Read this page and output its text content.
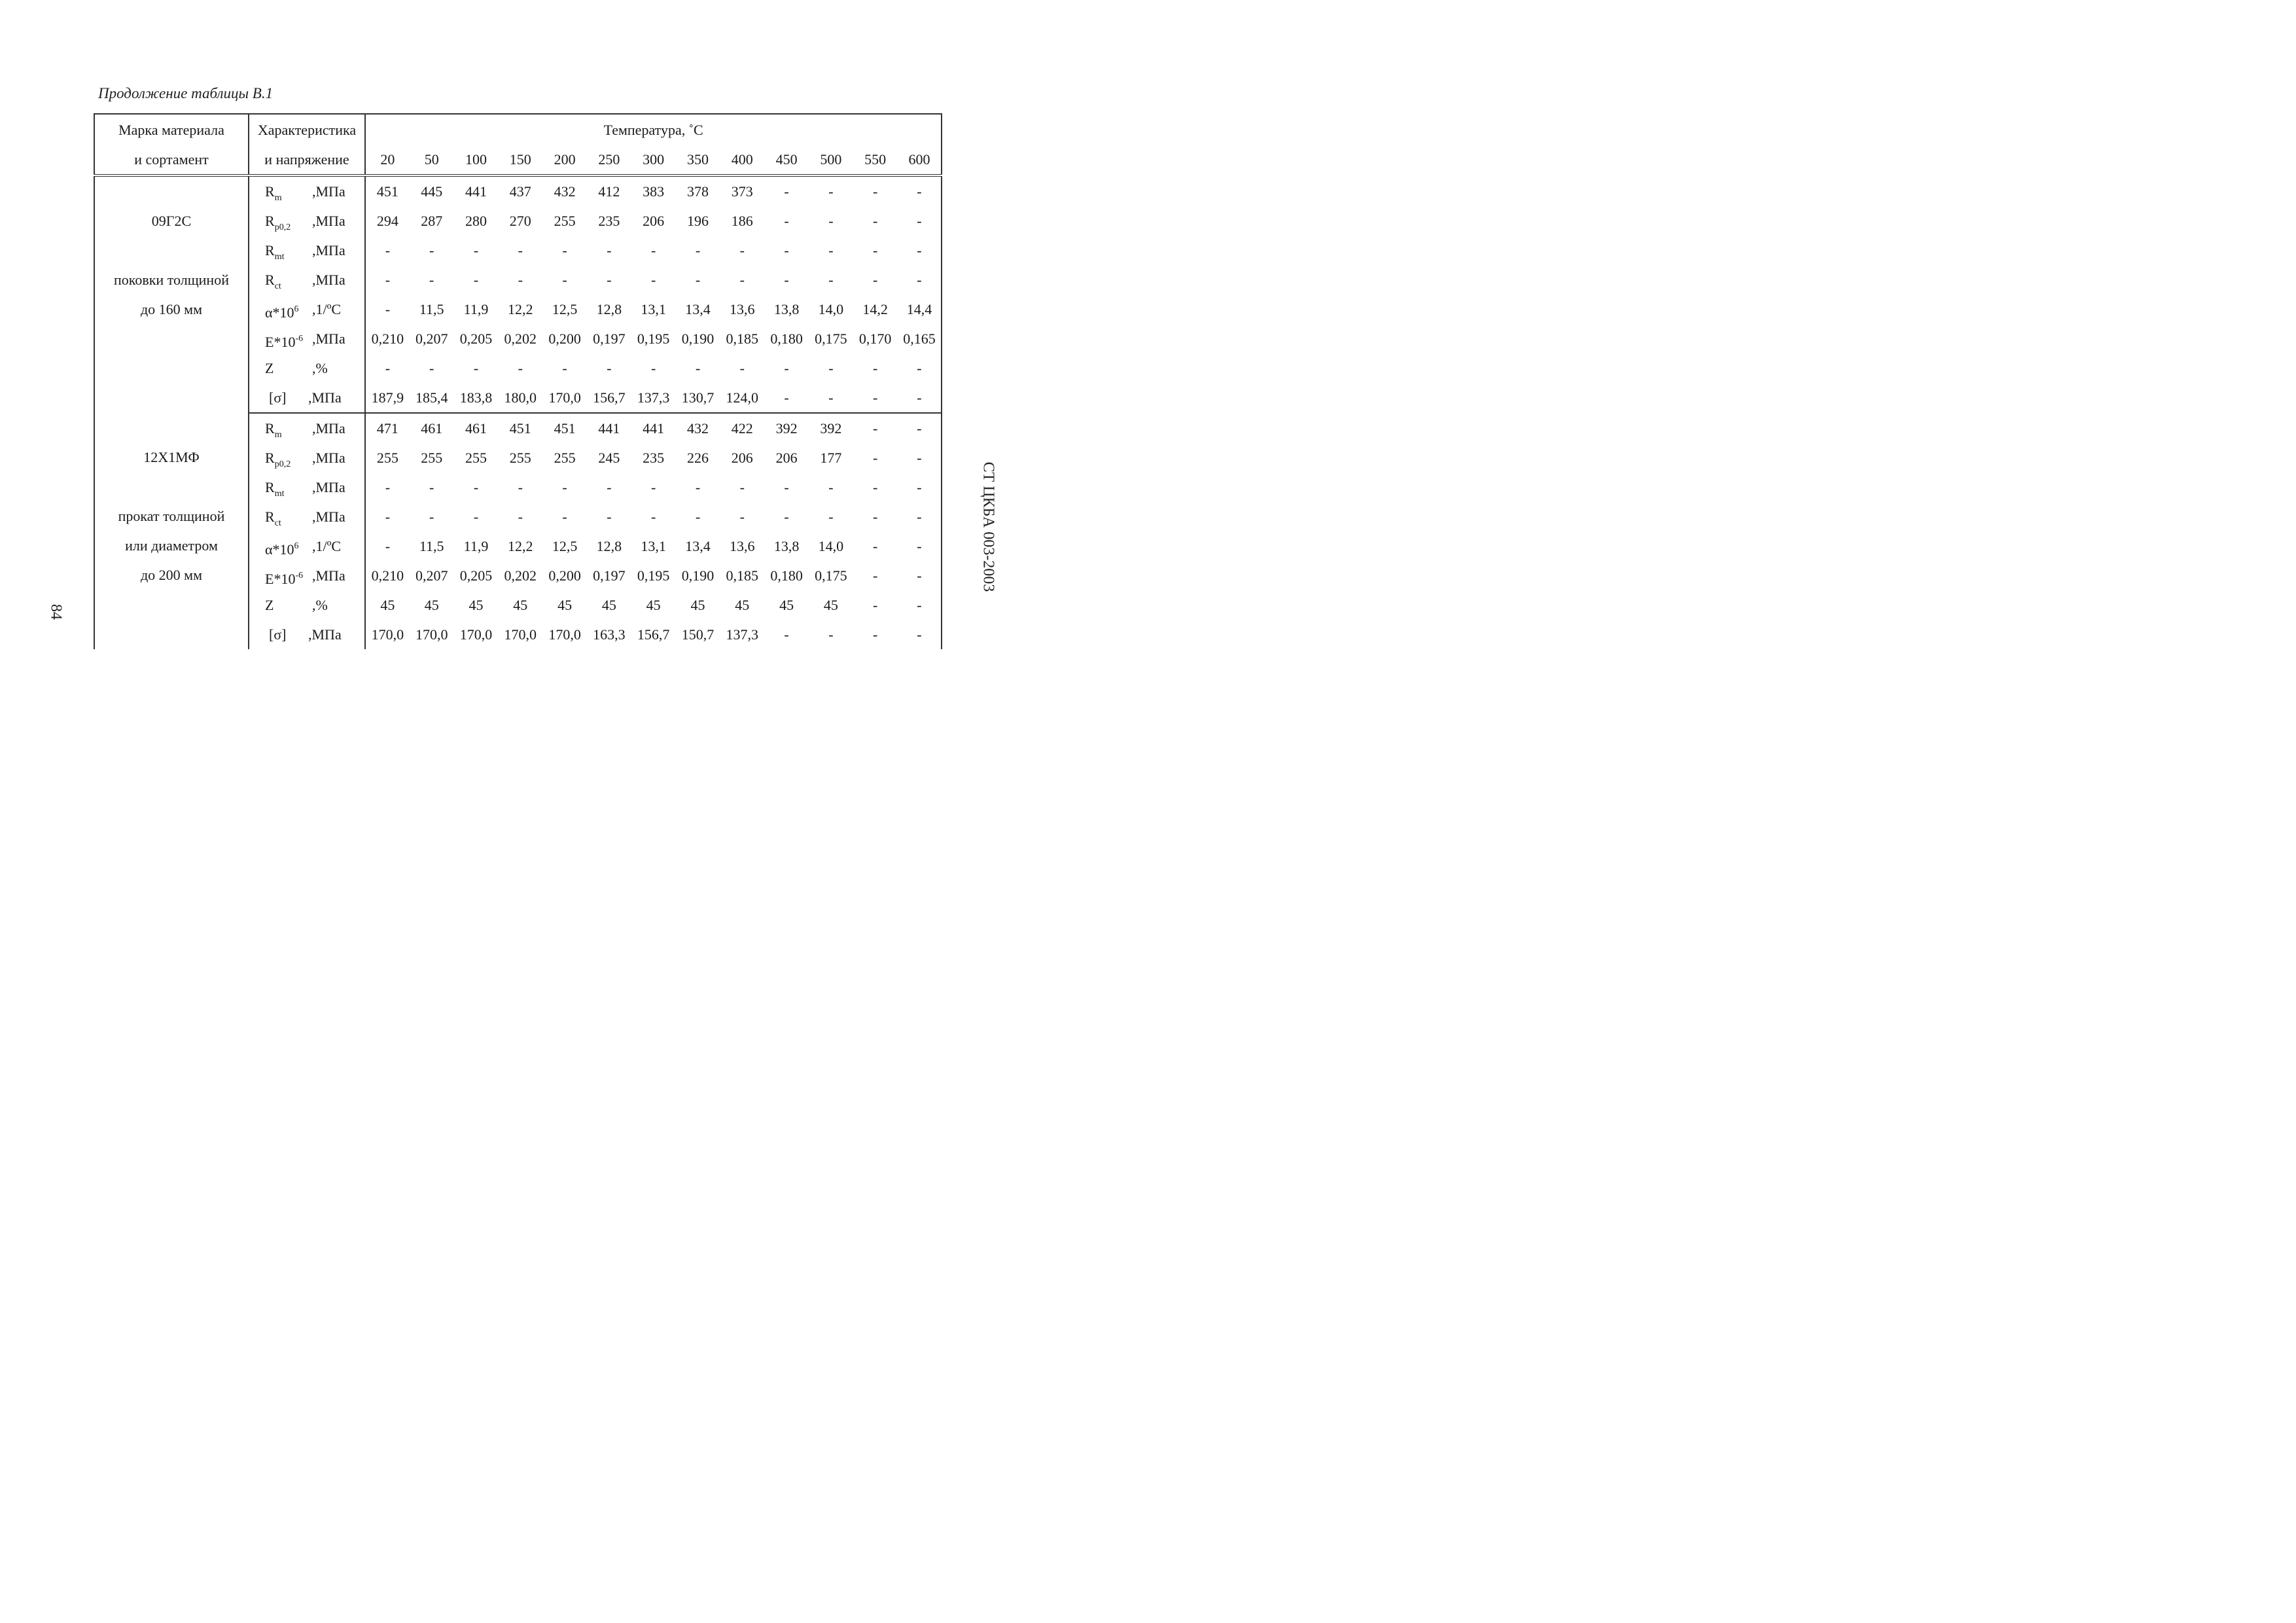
Продолжение таблицы В.1
Марка материала	Характеристика	Температура, ˚С												
и сортамент	и напряжение	20	50	100	150	200	250	300	350	400	450	500	550	600

09Г2С

поковки толщиной
до 160 мм	$R_m$ ,МПа	451	445	441	437	432	412	383	378	373	-	-	-	-

	$R_{p0,2}$ ,МПа	294	287	280	270	255	235	206	196	186	-	-	-	-

	$R_{mt}$ ,МПа	-	-	-	-	-	-	-	-	-	-	-	-	-

	$R_{ct}$ ,МПа	-	-	-	-	-	-	-	-	-	-	-	-	-

	$\alpha*10^6$ ,1/ºC	-	11,5	11,9	12,2	12,5	12,8	13,1	13,4	13,6	13,8	14,0	14,2	14,4

	$E*10^{-6}$ ,МПа	0,210	0,207	0,205	0,202	0,200	0,197	0,195	0,190	0,185	0,180	0,175	0,170	0,165

	Z ,%	-	-	-	-	-	-	-	-	-	-	-	-	-

	[σ] ,МПа	187,9	185,4	183,8	180,0	170,0	156,7	137,3	130,7	124,0	-	-	-	-

12Х1МФ

прокат толщиной
или диаметром
до 200 мм	$R_m$ ,МПа	471	461	461	451	451	441	441	432	422	392	392	-	-

	$R_{p0,2}$ ,МПа	255	255	255	255	255	245	235	226	206	206	177	-	-

	$R_{mt}$ ,МПа	-	-	-	-	-	-	-	-	-	-	-	-	-

	$R_{ct}$ ,МПа	-	-	-	-	-	-	-	-	-	-	-	-	-

	$\alpha*10^6$ ,1/ºC	-	11,5	11,9	12,2	12,5	12,8	13,1	13,4	13,6	13,8	14,0	-	-

	$E*10^{-6}$ ,МПа	0,210	0,207	0,205	0,202	0,200	0,197	0,195	0,190	0,185	0,180	0,175	-	-

	Z ,%	45	45	45	45	45	45	45	45	45	45	45	-	-

	[σ] ,МПа	170,0	170,0	170,0	170,0	170,0	163,3	156,7	150,7	137,3	-	-	-	-
СТ ЦКБА 003-2003
84
